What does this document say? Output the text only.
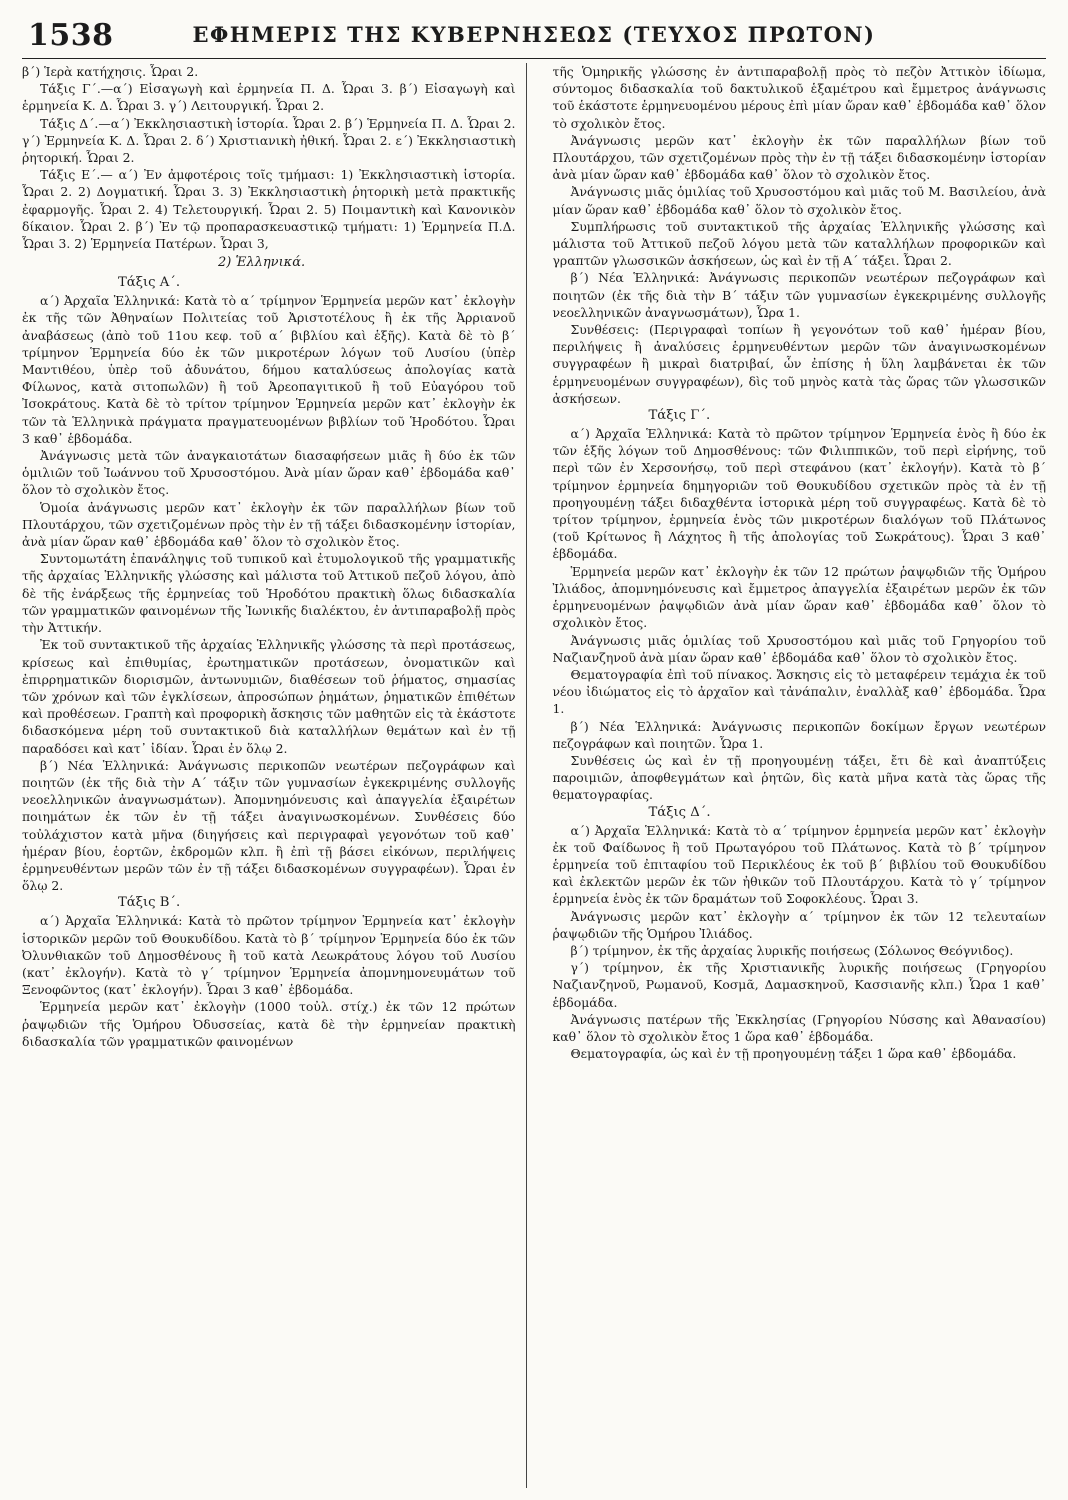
1538	ΕΦΗΜΕΡΙΣ ΤΗΣ ΚΥΒΕΡΝΗΣΕΩΣ (ΤΕΥΧΟΣ ΠΡΩΤΟΝ)

β΄) Ἱερὰ κατήχησις. Ὧραι 2.

Τάξις Γ΄.—α΄) Εἰσαγωγὴ καὶ ἑρμηνεία Π. Δ. Ὧραι 3. β΄) Εἰσαγωγὴ καὶ ἑρμηνεία Κ. Δ. Ὧραι 3. γ΄) Λειτουργική. Ὧραι 2.

Τάξις Δ΄.—α΄) Ἐκκλησιαστικὴ ἱστορία. Ὧραι 2. β΄) Ἑρμηνεία Π. Δ. Ὧραι 2. γ΄) Ἑρμηνεία Κ. Δ. Ὧραι 2. δ΄) Χριστιανικὴ ἠθική. Ὧραι 2. ε΄) Ἐκκλησιαστικὴ ῥητορική. Ὧραι 2.

Τάξις Ε΄.— α΄) Ἐν ἀμφοτέροις τοῖς τμήμασι: 1) Ἐκκλησιαστικὴ ἱστορία. Ὧραι 2. 2) Δογματική. Ὧραι 3. 3) Ἐκκλησιαστικὴ ῥητορικὴ μετὰ πρακτικῆς ἐφαρμογῆς. Ὧραι 2. 4) Τελετουργική. Ὧραι 2. 5) Ποιμαντικὴ καὶ Κανονικὸν δίκαιον. Ὧραι 2. β΄) Ἐν τῷ προπαρασκευαστικῷ τμήματι: 1) Ἑρμηνεία Π.Δ. Ὧραι 3. 2) Ἑρμηνεία Πατέρων. Ὧραι 3,

2) Ἑλληνικά.

Τάξις Α΄.

α΄) Ἀρχαῖα Ἑλληνικά: Κατὰ τὸ α΄ τρίμηνον Ἑρμηνεία μερῶν κατ᾽ ἐκλογὴν ἐκ τῆς τῶν Ἀθηναίων Πολιτείας τοῦ Ἀριστοτέλους ἢ ἐκ τῆς Ἀρριανοῦ ἀναβάσεως (ἀπὸ τοῦ 11ου κεφ. τοῦ α΄ βιβλίου καὶ ἑξῆς). Κατὰ δὲ τὸ β΄ τρίμηνον Ἑρμηνεία δύο ἐκ τῶν μικροτέρων λόγων τοῦ Λυσίου (ὑπὲρ Μαντιθέου, ὑπὲρ τοῦ ἀδυνάτου, δήμου καταλύσεως ἀπολογίας κατὰ Φίλωνος, κατὰ σιτοπωλῶν) ἢ τοῦ Ἀρεοπαγιτικοῦ ἢ τοῦ Εὐαγόρου τοῦ Ἰσοκράτους. Κατὰ δὲ τὸ τρίτον τρίμηνον Ἑρμηνεία μερῶν κατ᾽ ἐκλογὴν ἐκ τῶν τὰ Ἑλληνικὰ πράγματα πραγματευομένων βιβλίων τοῦ Ἡροδότου. Ὧραι 3 καθ᾽ ἑβδομάδα.

Ἀνάγνωσις μετὰ τῶν ἀναγκαιοτάτων διασαφήσεων μιᾶς ἢ δύο ἐκ τῶν ὁμιλιῶν τοῦ Ἰωάννου τοῦ Χρυσοστόμου. Ἀνὰ μίαν ὥραν καθ᾽ ἑβδομάδα καθ᾽ ὅλον τὸ σχολικὸν ἔτος.

Ὁμοία ἀνάγνωσις μερῶν κατ᾽ ἐκλογὴν ἐκ τῶν παραλλήλων βίων τοῦ Πλουτάρχου, τῶν σχετιζομένων πρὸς τὴν ἐν τῇ τάξει διδασκομένην ἱστορίαν, ἀνὰ μίαν ὥραν καθ᾽ ἑβδομάδα καθ᾽ ὅλον τὸ σχολικὸν ἔτος.

Συντομωτάτη ἐπανάληψις τοῦ τυπικοῦ καὶ ἐτυμολογικοῦ τῆς γραμματικῆς τῆς ἀρχαίας Ἑλληνικῆς γλώσσης καὶ μάλιστα τοῦ Ἀττικοῦ πεζοῦ λόγου, ἀπὸ δὲ τῆς ἐνάρξεως τῆς ἑρμηνείας τοῦ Ἡροδότου πρακτικὴ ὅλως διδασκαλία τῶν γραμματικῶν φαινομένων τῆς Ἰωνικῆς διαλέκτου, ἐν ἀντιπαραβολῇ πρὸς τὴν Ἀττικήν.

Ἐκ τοῦ συντακτικοῦ τῆς ἀρχαίας Ἑλληνικῆς γλώσσης τὰ περὶ προτάσεως, κρίσεως καὶ ἐπιθυμίας, ἐρωτηματικῶν προτάσεων, ὀνοματικῶν καὶ ἐπιρρηματικῶν διορισμῶν, ἀντωνυμιῶν, διαθέσεων τοῦ ῥήματος, σημασίας τῶν χρόνων καὶ τῶν ἐγκλίσεων, ἀπροσώπων ῥημάτων, ῥηματικῶν ἐπιθέτων καὶ προθέσεων. Γραπτὴ καὶ προφορικὴ ἄσκησις τῶν μαθητῶν εἰς τὰ ἑκάστοτε διδασκόμενα μέρη τοῦ συντακτικοῦ διὰ καταλλήλων θεμάτων καὶ ἐν τῇ παραδόσει καὶ κατ᾽ ἰδίαν. Ὧραι ἐν ὅλῳ 2.

β΄) Νέα Ἑλληνικά: Ἀνάγνωσις περικοπῶν νεωτέρων πεζογράφων καὶ ποιητῶν (ἐκ τῆς διὰ τὴν Α΄ τάξιν τῶν γυμνασίων ἐγκεκριμένης συλλογῆς νεοελληνικῶν ἀναγνωσμάτων). Ἀπομνημόνευσις καὶ ἀπαγγελία ἐξαιρέτων ποιημάτων ἐκ τῶν ἐν τῇ τάξει ἀναγινωσκομένων. Συνθέσεις δύο τοὐλάχιστον κατὰ μῆνα (διηγήσεις καὶ περιγραφαὶ γεγονότων τοῦ καθ᾽ ἡμέραν βίου, ἑορτῶν, ἐκδρομῶν κλπ. ἢ ἐπὶ τῇ βάσει εἰκόνων, περιλήψεις ἑρμηνευθέντων μερῶν τῶν ἐν τῇ τάξει διδασκομένων συγγραφέων). Ὧραι ἐν ὅλῳ 2.

Τάξις Β΄.

α΄) Ἀρχαῖα Ἑλληνικά: Κατὰ τὸ πρῶτον τρίμηνον Ἑρμηνεία κατ᾽ ἐκλογὴν ἱστορικῶν μερῶν τοῦ Θουκυδίδου. Κατὰ τὸ β΄ τρίμηνον Ἑρμηνεία δύο ἐκ τῶν Ὀλυνθιακῶν τοῦ Δημοσθένους ἢ τοῦ κατὰ Λεωκράτους λόγου τοῦ Λυσίου (κατ᾽ ἐκλογήν). Κατὰ τὸ γ΄ τρίμηνον Ἑρμηνεία ἀπομνημονευμάτων τοῦ Ξενοφῶντος (κατ᾽ ἐκλογήν). Ὧραι 3 καθ᾽ ἑβδομάδα.

Ἑρμηνεία μερῶν κατ᾽ ἐκλογὴν (1000 τοὐλ. στίχ.) ἐκ τῶν 12 πρώτων ῥαψῳδιῶν τῆς Ὁμήρου Ὀδυσσείας, κατὰ δὲ τὴν ἑρμηνείαν πρακτικὴ διδασκαλία τῶν γραμματικῶν φαινομένων

τῆς Ὁμηρικῆς γλώσσης ἐν ἀντιπαραβολῇ πρὸς τὸ πεζὸν Ἀττικὸν ἰδίωμα, σύντομος διδασκαλία τοῦ δακτυλικοῦ ἑξαμέτρου καὶ ἔμμετρος ἀνάγνωσις τοῦ ἑκάστοτε ἑρμηνευομένου μέρους ἐπὶ μίαν ὥραν καθ᾽ ἑβδομάδα καθ᾽ ὅλον τὸ σχολικὸν ἔτος.

Ἀνάγνωσις μερῶν κατ᾽ ἐκλογὴν ἐκ τῶν παραλλήλων βίων τοῦ Πλουτάρχου, τῶν σχετιζομένων πρὸς τὴν ἐν τῇ τάξει διδασκομένην ἱστορίαν ἀνὰ μίαν ὥραν καθ᾽ ἑβδομάδα καθ᾽ ὅλον τὸ σχολικὸν ἔτος.

Ἀνάγνωσις μιᾶς ὁμιλίας τοῦ Χρυσοστόμου καὶ μιᾶς τοῦ Μ. Βασιλείου, ἀνὰ μίαν ὥραν καθ᾽ ἑβδομάδα καθ᾽ ὅλον τὸ σχολικὸν ἔτος.

Συμπλήρωσις τοῦ συντακτικοῦ τῆς ἀρχαίας Ἑλληνικῆς γλώσσης καὶ μάλιστα τοῦ Ἀττικοῦ πεζοῦ λόγου μετὰ τῶν καταλλήλων προφορικῶν καὶ γραπτῶν γλωσσικῶν ἀσκήσεων, ὡς καὶ ἐν τῇ Α΄ τάξει. Ὧραι 2.

β΄) Νέα Ἑλληνικά: Ἀνάγνωσις περικοπῶν νεωτέρων πεζογράφων καὶ ποιητῶν (ἐκ τῆς διὰ τὴν Β΄ τάξιν τῶν γυμνασίων ἐγκεκριμένης συλλογῆς νεοελληνικῶν ἀναγνωσμάτων), Ὧρα 1.

Συνθέσεις: (Περιγραφαὶ τοπίων ἢ γεγονότων τοῦ καθ᾽ ἡμέραν βίου, περιλήψεις ἢ ἀναλύσεις ἑρμηνευθέντων μερῶν τῶν ἀναγινωσκομένων συγγραφέων ἢ μικραὶ διατριβαί, ὧν ἐπίσης ἡ ὕλη λαμβάνεται ἐκ τῶν ἑρμηνευομένων συγγραφέων), δὶς τοῦ μηνὸς κατὰ τὰς ὥρας τῶν γλωσσικῶν ἀσκήσεων.

Τάξις Γ΄.

α΄) Ἀρχαῖα Ἑλληνικά: Κατὰ τὸ πρῶτον τρίμηνον Ἑρμηνεία ἑνὸς ἢ δύο ἐκ τῶν ἑξῆς λόγων τοῦ Δημοσθένους: τῶν Φιλιππικῶν, τοῦ περὶ εἰρήνης, τοῦ περὶ τῶν ἐν Χερσονήσῳ, τοῦ περὶ στεφάνου (κατ᾽ ἐκλογήν). Κατὰ τὸ β΄ τρίμηνον ἑρμηνεία δημηγοριῶν τοῦ Θουκυδίδου σχετικῶν πρὸς τὰ ἐν τῇ προηγουμένῃ τάξει διδαχθέντα ἱστορικὰ μέρη τοῦ συγγραφέως. Κατὰ δὲ τὸ τρίτον τρίμηνον, ἑρμηνεία ἑνὸς τῶν μικροτέρων διαλόγων τοῦ Πλάτωνος (τοῦ Κρίτωνος ἢ Λάχητος ἢ τῆς ἀπολογίας τοῦ Σωκράτους). Ὧραι 3 καθ᾽ ἑβδομάδα.

Ἑρμηνεία μερῶν κατ᾽ ἐκλογὴν ἐκ τῶν 12 πρώτων ῥαψῳδιῶν τῆς Ὁμήρου Ἰλιάδος, ἀπομνημόνευσις καὶ ἔμμετρος ἀπαγγελία ἐξαιρέτων μερῶν ἐκ τῶν ἑρμηνευομένων ῥαψῳδιῶν ἀνὰ μίαν ὥραν καθ᾽ ἑβδομάδα καθ᾽ ὅλον τὸ σχολικὸν ἔτος.

Ἀνάγνωσις μιᾶς ὁμιλίας τοῦ Χρυσοστόμου καὶ μιᾶς τοῦ Γρηγορίου τοῦ Ναζιανζηνοῦ ἀνὰ μίαν ὥραν καθ᾽ ἑβδομάδα καθ᾽ ὅλον τὸ σχολικὸν ἔτος.

Θεματογραφία ἐπὶ τοῦ πίνακος. Ἄσκησις εἰς τὸ μεταφέρειν τεμάχια ἐκ τοῦ νέου ἰδιώματος εἰς τὸ ἀρχαῖον καὶ τἀνάπαλιν, ἐναλλὰξ καθ᾽ ἑβδομάδα. Ὧρα 1.

β΄) Νέα Ἑλληνικά: Ἀνάγνωσις περικοπῶν δοκίμων ἔργων νεωτέρων πεζογράφων καὶ ποιητῶν. Ὧρα 1.

Συνθέσεις ὡς καὶ ἐν τῇ προηγουμένῃ τάξει, ἔτι δὲ καὶ ἀναπτύξεις παροιμιῶν, ἀποφθεγμάτων καὶ ῥητῶν, δὶς κατὰ μῆνα κατὰ τὰς ὥρας τῆς θεματογραφίας.

Τάξις Δ΄.

α΄) Ἀρχαῖα Ἑλληνικά: Κατὰ τὸ α΄ τρίμηνον ἑρμηνεία μερῶν κατ᾽ ἐκλογὴν ἐκ τοῦ Φαίδωνος ἢ τοῦ Πρωταγόρου τοῦ Πλάτωνος. Κατὰ τὸ β΄ τρίμηνον ἑρμηνεία τοῦ ἐπιταφίου τοῦ Περικλέους ἐκ τοῦ β΄ βιβλίου τοῦ Θουκυδίδου καὶ ἐκλεκτῶν μερῶν ἐκ τῶν ἠθικῶν τοῦ Πλουτάρχου. Κατὰ τὸ γ΄ τρίμηνον ἑρμηνεία ἑνὸς ἐκ τῶν δραμάτων τοῦ Σοφοκλέους. Ὧραι 3.

Ἀνάγνωσις μερῶν κατ᾽ ἐκλογὴν α΄ τρίμηνον ἐκ τῶν 12 τελευταίων ῥαψῳδιῶν τῆς Ὁμήρου Ἰλιάδος.

β΄) τρίμηνον, ἐκ τῆς ἀρχαίας λυρικῆς ποιήσεως (Σόλωνος Θεόγνιδος).

γ΄) τρίμηνον, ἐκ τῆς Χριστιανικῆς λυρικῆς ποιήσεως (Γρηγορίου Ναζιανζηνοῦ, Ρωμανοῦ, Κοσμᾶ, Δαμασκηνοῦ, Κασσιανῆς κλπ.) Ὧρα 1 καθ᾽ ἑβδομάδα.

Ἀνάγνωσις πατέρων τῆς Ἐκκλησίας (Γρηγορίου Νύσσης καὶ Ἀθανασίου) καθ᾽ ὅλον τὸ σχολικὸν ἔτος 1 ὥρα καθ᾽ ἑβδομάδα.

Θεματογραφία, ὡς καὶ ἐν τῇ προηγουμένῃ τάξει 1 ὥρα καθ᾽ ἑβδομάδα.
